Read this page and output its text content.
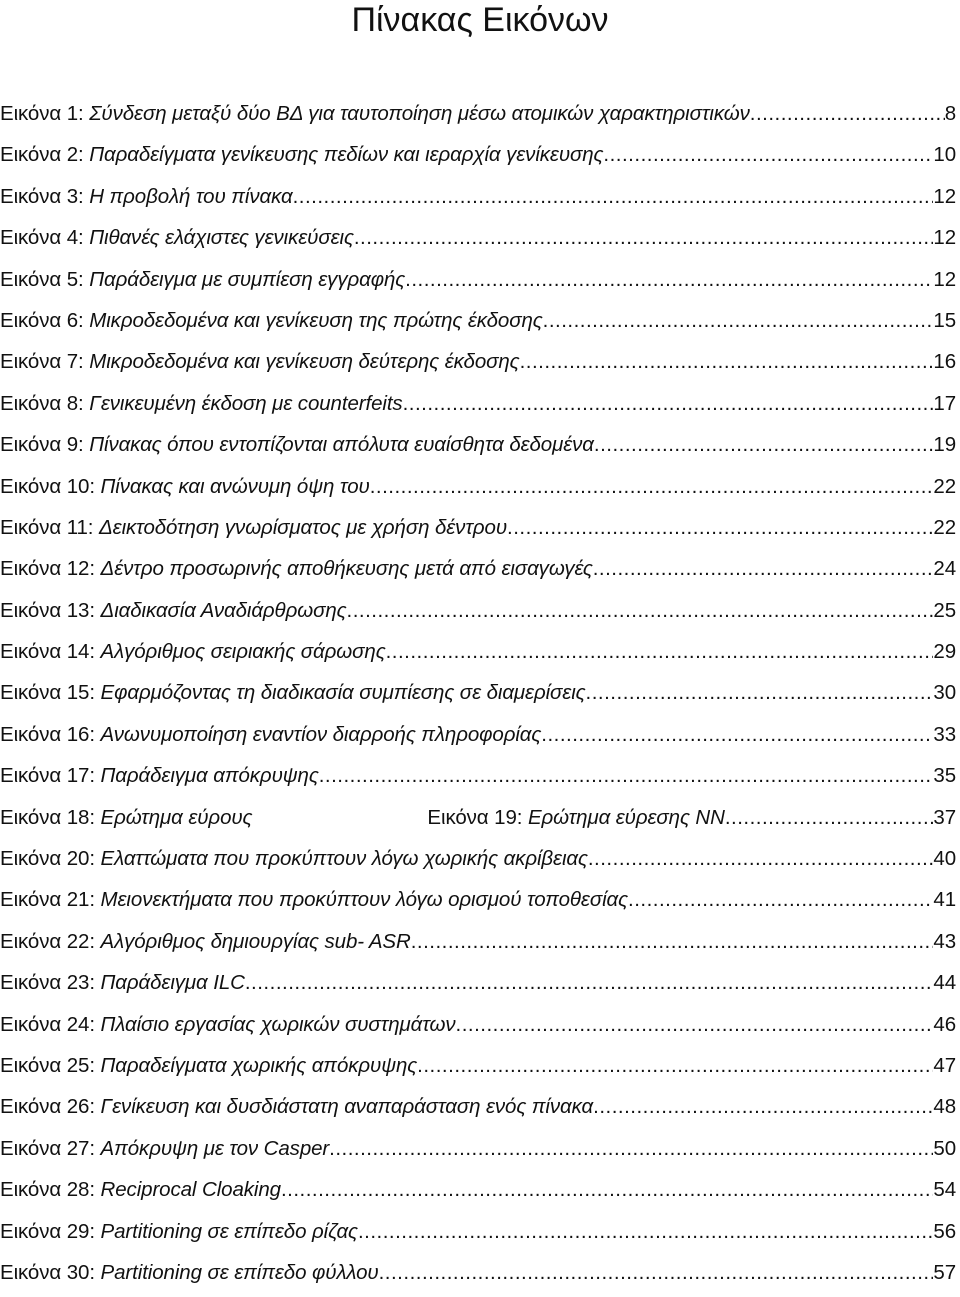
Πίνακας Εικόνων
Εικόνα 1: Σύνδεση μεταξύ δύο ΒΔ για ταυτοποίηση μέσω ατομικών χαρακτηριστικών . . .	8
Εικόνα 2: Παραδείγματα γενίκευσης πεδίων και ιεραρχία γενίκευσης . . .	10
Εικόνα 3: Η προβολή του πίνακα . . .	12
Εικόνα 4: Πιθανές ελάχιστες γενικεύσεις . . .	12
Εικόνα 5: Παράδειγμα με συμπίεση εγγραφής . . .	12
Εικόνα 6: Μικροδεδομένα και γενίκευση της πρώτης έκδοσης . . .	15
Εικόνα 7: Μικροδεδομένα και γενίκευση δεύτερης έκδοσης . . .	16
Εικόνα 8: Γενικευμένη έκδοση με counterfeits . . .	17
Εικόνα 9: Πίνακας όπου εντοπίζονται απόλυτα ευαίσθητα δεδομένα . . .	19
Εικόνα 10: Πίνακας και ανώνυμη όψη του . . .	22
Εικόνα 11: Δεικτοδότηση γνωρίσματος με χρήση δέντρου . . .	22
Εικόνα 12: Δέντρο προσωρινής αποθήκευσης μετά από εισαγωγές . . .	24
Εικόνα 13: Διαδικασία Αναδιάρθρωσης . . .	25
Εικόνα 14: Αλγόριθμος σειριακής σάρωσης . . .	29
Εικόνα 15: Εφαρμόζοντας τη διαδικασία συμπίεσης σε διαμερίσεις . . .	30
Εικόνα 16: Ανωνυμοποίηση εναντίον διαρροής πληροφορίας . . .	33
Εικόνα 17: Παράδειγμα απόκρυψης . . .	35
Εικόνα 18: Ερώτημα εύρους	Εικόνα 19: Ερώτημα εύρεσης NN . . .	37
Εικόνα 20: Ελαττώματα που προκύπτουν λόγω χωρικής ακρίβειας . . .	40
Εικόνα 21: Μειονεκτήματα που προκύπτουν λόγω ορισμού τοποθεσίας . . .	41
Εικόνα 22: Αλγόριθμος δημιουργίας sub- ASR . . .	43
Εικόνα 23: Παράδειγμα ILC . . .	44
Εικόνα 24: Πλαίσιο εργασίας χωρικών συστημάτων . . .	46
Εικόνα 25: Παραδείγματα χωρικής απόκρυψης . . .	47
Εικόνα 26: Γενίκευση και δυσδιάστατη αναπαράσταση ενός πίνακα . . .	48
Εικόνα 27: Απόκρυψη με τον Casper . . .	50
Εικόνα 28: Reciprocal Cloaking . . .	54
Εικόνα 29: Partitioning σε επίπεδο ρίζας . . .	56
Εικόνα 30: Partitioning σε επίπεδο φύλλου . . .	57
